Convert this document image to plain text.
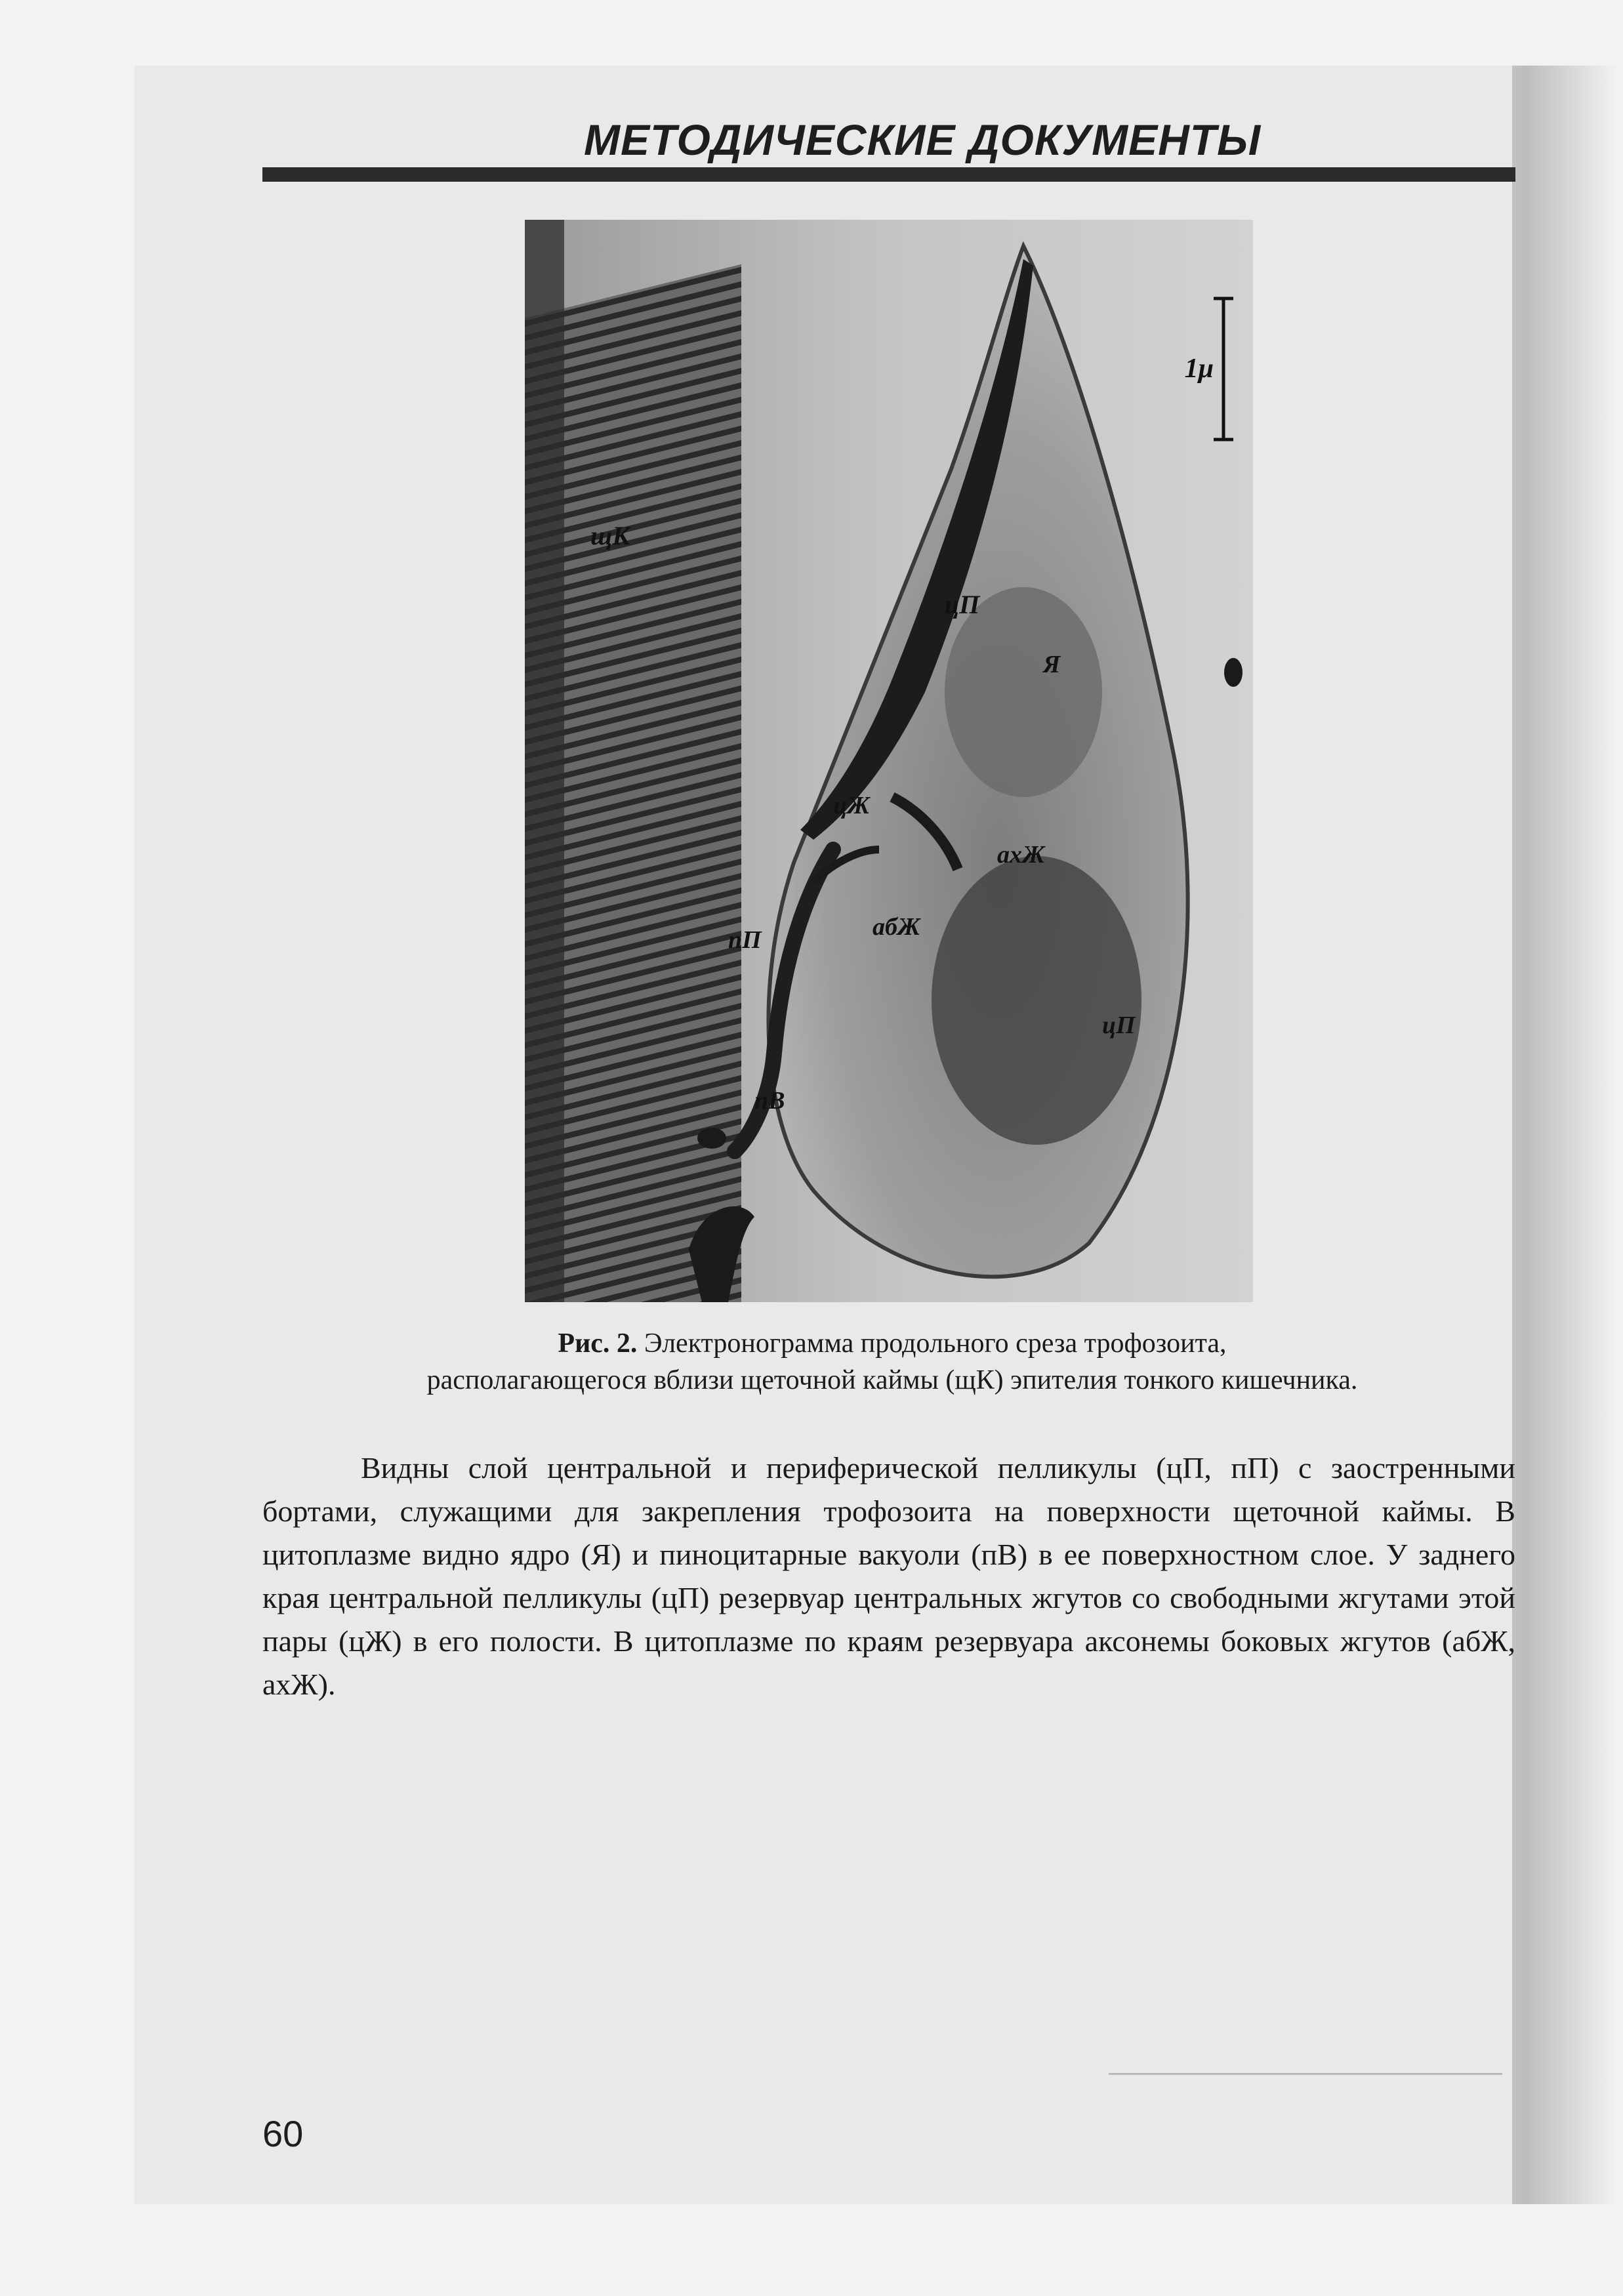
МЕТОДИЧЕСКИЕ ДОКУМЕНТЫ
1μ
щК
цП
Я
цЖ
ахЖ
абЖ
пП
пВ
цП
Рис. 2. Электронограмма продольного среза трофозоита,
располагающегося вблизи щеточной каймы (щК) эпителия тонкого кишечника.

Видны слой центральной и периферической пелликулы (цП, пП) с заостренными бортами, служащими для закрепления трофозоита на поверхности щеточной каймы. В цитоплазме видно ядро (Я) и пиноцитарные вакуоли (пВ) в ее поверхностном слое. У заднего края центральной пелликулы (цП) резервуар центральных жгутов со свободными жгутами этой пары (цЖ) в его полости. В цитоплазме по краям резервуара аксонемы боковых жгутов (абЖ, ахЖ).

60
